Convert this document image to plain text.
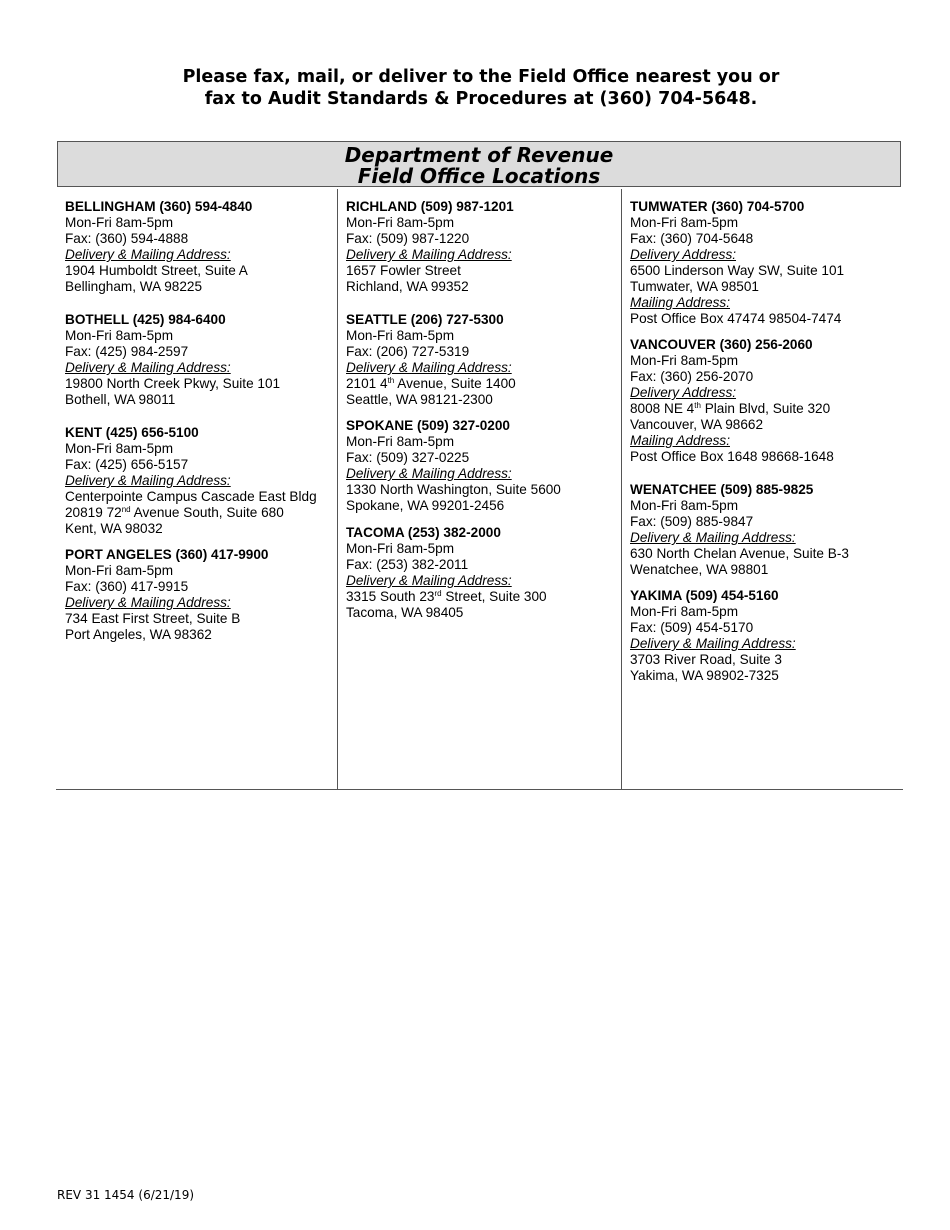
Please fax, mail, or deliver to the Field Office nearest you or
fax to Audit Standards & Procedures at (360) 704-5648.
Department of Revenue
Field Office Locations
BELLINGHAM (360) 594-4840
Mon-Fri 8am-5pm
Fax: (360) 594-4888
Delivery & Mailing Address:
1904 Humboldt Street, Suite A
Bellingham, WA 98225
BOTHELL (425) 984-6400
Mon-Fri 8am-5pm
Fax: (425) 984-2597
Delivery & Mailing Address:
19800 North Creek Pkwy, Suite 101
Bothell, WA 98011
KENT (425) 656-5100
Mon-Fri 8am-5pm
Fax: (425) 656-5157
Delivery & Mailing Address:
Centerpointe Campus Cascade East Bldg
20819 72nd Avenue South, Suite 680
Kent, WA 98032
PORT ANGELES (360) 417-9900
Mon-Fri 8am-5pm
Fax: (360) 417-9915
Delivery & Mailing Address:
734 East First Street, Suite B
Port Angeles, WA 98362
RICHLAND (509) 987-1201
Mon-Fri 8am-5pm
Fax: (509) 987-1220
Delivery & Mailing Address:
1657 Fowler Street
Richland, WA 99352
SEATTLE (206) 727-5300
Mon-Fri 8am-5pm
Fax: (206) 727-5319
Delivery & Mailing Address:
2101 4th Avenue, Suite 1400
Seattle, WA 98121-2300
SPOKANE (509) 327-0200
Mon-Fri 8am-5pm
Fax: (509) 327-0225
Delivery & Mailing Address:
1330 North Washington, Suite 5600
Spokane, WA 99201-2456
TACOMA (253) 382-2000
Mon-Fri 8am-5pm
Fax: (253) 382-2011
Delivery & Mailing Address:
3315 South 23rd Street, Suite 300
Tacoma, WA 98405
TUMWATER (360) 704-5700
Mon-Fri 8am-5pm
Fax: (360) 704-5648
Delivery Address:
6500 Linderson Way SW, Suite 101
Tumwater, WA 98501
Mailing Address:
Post Office Box 47474 98504-7474
VANCOUVER (360) 256-2060
Mon-Fri 8am-5pm
Fax: (360) 256-2070
Delivery Address:
8008 NE 4th Plain Blvd, Suite 320
Vancouver, WA 98662
Mailing Address:
Post Office Box 1648 98668-1648
WENATCHEE (509) 885-9825
Mon-Fri 8am-5pm
Fax: (509) 885-9847
Delivery & Mailing Address:
630 North Chelan Avenue, Suite B-3
Wenatchee, WA 98801
YAKIMA (509) 454-5160
Mon-Fri 8am-5pm
Fax: (509) 454-5170
Delivery & Mailing Address:
3703 River Road, Suite 3
Yakima, WA 98902-7325
REV 31 1454 (6/21/19)
